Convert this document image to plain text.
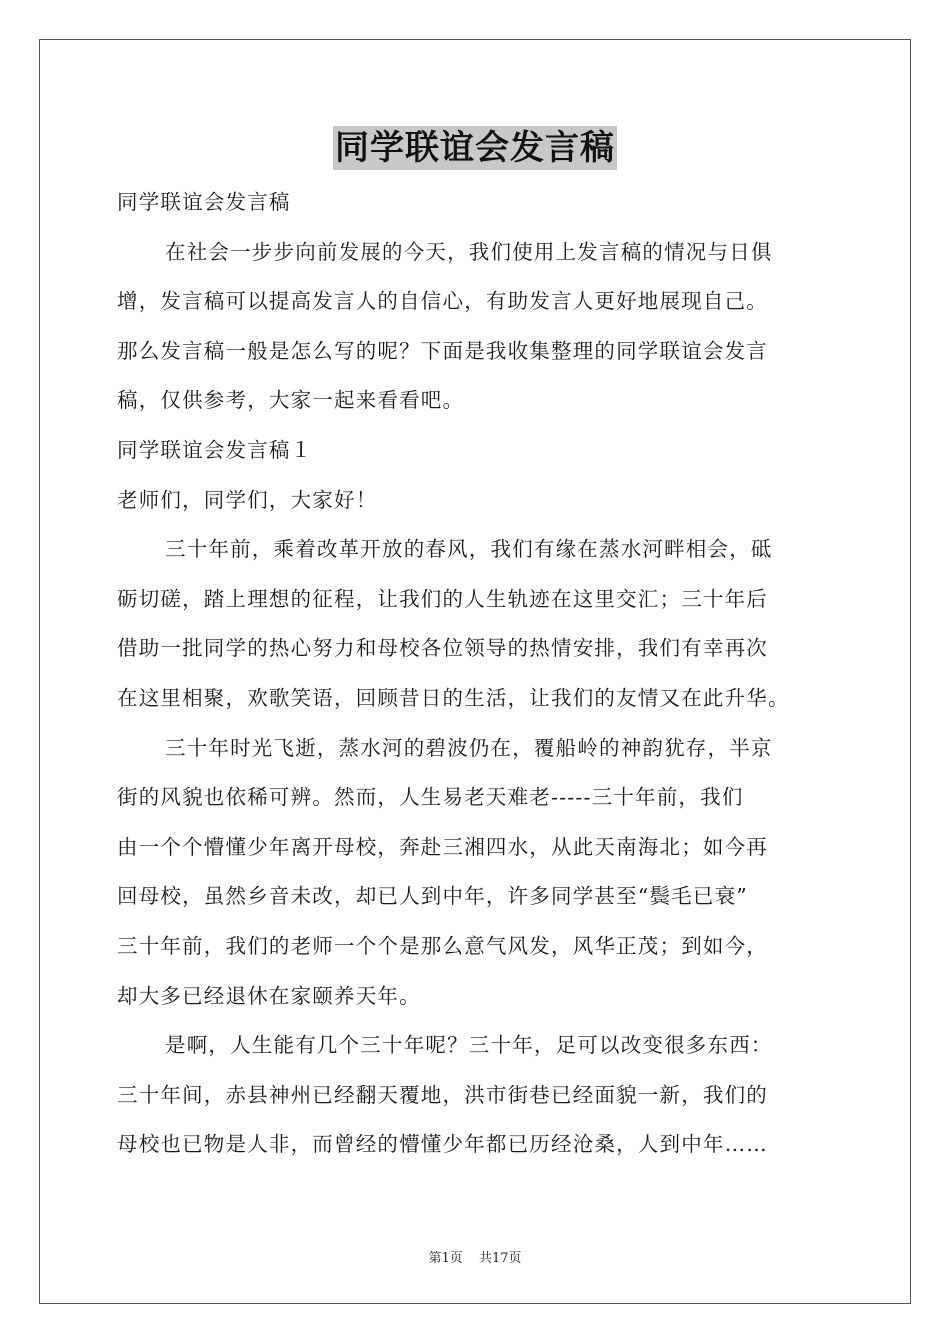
同学联谊会发言稿
同学联谊会发言稿
在社会一步步向前发展的今天，我们使用上发言稿的情况与日俱
增，发言稿可以提高发言人的自信心，有助发言人更好地展现自己。
那么发言稿一般是怎么写的呢？下面是我收集整理的同学联谊会发言
稿，仅供参考，大家一起来看看吧。
同学联谊会发言稿１
老师们，同学们，大家好！
三十年前，乘着改革开放的春风，我们有缘在蒸水河畔相会，砥
砺切磋，踏上理想的征程，让我们的人生轨迹在这里交汇；三十年后
借助一批同学的热心努力和母校各位领导的热情安排，我们有幸再次
在这里相聚，欢歌笑语，回顾昔日的生活，让我们的友情又在此升华。
三十年时光飞逝，蒸水河的碧波仍在，覆船岭的神韵犹存，半京
街的风貌也依稀可辨。然而，人生易老天难老-----三十年前，我们
由一个个懵懂少年离开母校，奔赴三湘四水，从此天南海北；如今再
回母校，虽然乡音未改，却已人到中年，许多同学甚至“鬓毛已衰”
三十年前，我们的老师一个个是那么意气风发，风华正茂；到如今，
却大多已经退休在家颐养天年。
是啊，人生能有几个三十年呢？三十年，足可以改变很多东西：
三十年间，赤县神州已经翻天覆地，洪市街巷已经面貌一新，我们的
母校也已物是人非，而曾经的懵懂少年都已历经沧桑，人到中年……
第1页 共17页
